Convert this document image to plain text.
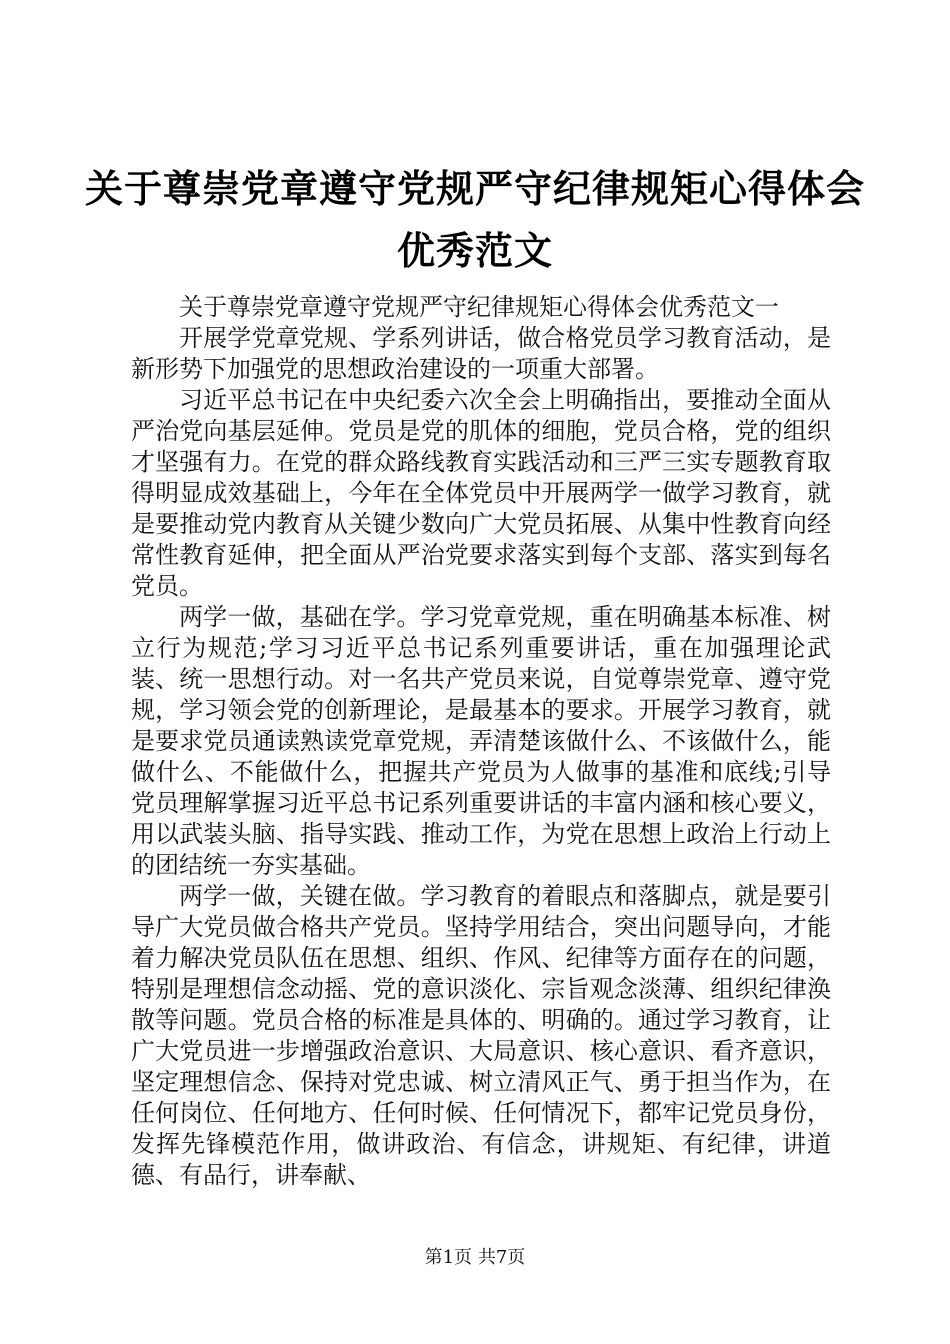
关于尊崇党章遵守党规严守纪律规矩心得体会

优秀范文

关于尊崇党章遵守党规严守纪律规矩心得体会优秀范文一

开展学党章党规、学系列讲话，做合格党员学习教育活动，是新形势下加强党的思想政治建设的一项重大部署。

习近平总书记在中央纪委六次全会上明确指出，要推动全面从严治党向基层延伸。党员是党的肌体的细胞，党员合格，党的组织才坚强有力。在党的群众路线教育实践活动和三严三实专题教育取得明显成效基础上，今年在全体党员中开展两学一做学习教育，就是要推动党内教育从关键少数向广大党员拓展、从集中性教育向经常性教育延伸，把全面从严治党要求落实到每个支部、落实到每名党员。

两学一做，基础在学。学习党章党规，重在明确基本标准、树立行为规范;学习习近平总书记系列重要讲话，重在加强理论武装、统一思想行动。对一名共产党员来说，自觉尊崇党章、遵守党规，学习领会党的创新理论，是最基本的要求。开展学习教育，就是要求党员通读熟读党章党规，弄清楚该做什么、不该做什么，能做什么、不能做什么，把握共产党员为人做事的基准和底线;引导党员理解掌握习近平总书记系列重要讲话的丰富内涵和核心要义，用以武装头脑、指导实践、推动工作，为党在思想上政治上行动上的团结统一夯实基础。

两学一做，关键在做。学习教育的着眼点和落脚点，就是要引导广大党员做合格共产党员。坚持学用结合，突出问题导向，才能着力解决党员队伍在思想、组织、作风、纪律等方面存在的问题，特别是理想信念动摇、党的意识淡化、宗旨观念淡薄、组织纪律涣散等问题。党员合格的标准是具体的、明确的。通过学习教育，让广大党员进一步增强政治意识、大局意识、核心意识、看齐意识，坚定理想信念、保持对党忠诚、树立清风正气、勇于担当作为，在任何岗位、任何地方、任何时候、任何情况下，都牢记党员身份，发挥先锋模范作用，做讲政治、有信念，讲规矩、有纪律，讲道德、有品行，讲奉献、

第1页 共7页
